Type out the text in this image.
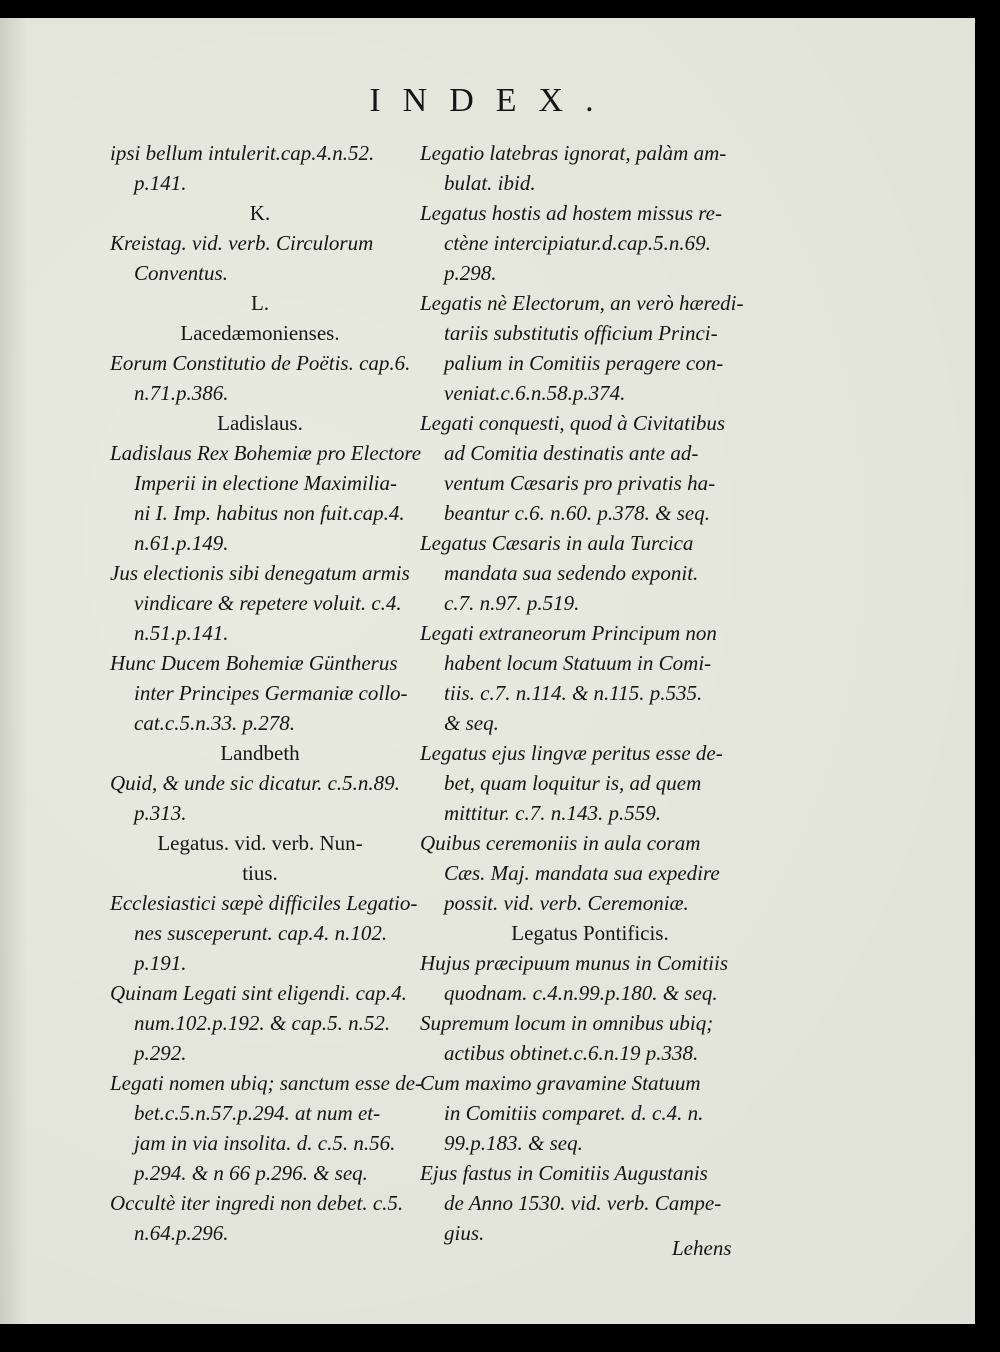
INDEX.
ipsi bellum intulerit.cap.4.n.52.
p.141.
K.
Kreistag. vid. verb. Circulorum
Conventus.
L.
Lacedæmonienses.
Eorum Constitutio de Poëtis. cap.6.
n.71.p.386.
Ladislaus.
Ladislaus Rex Bohemiæ pro Electore
Imperii in electione Maximilia-
ni I. Imp. habitus non fuit.cap.4.
n.61.p.149.
Jus electionis sibi denegatum armis
vindicare & repetere voluit. c.4.
n.51.p.141.
Hunc Ducem Bohemiæ Güntherus
inter Principes Germaniæ collo-
cat.c.5.n.33. p.278.
Landbeth
Quid, & unde sic dicatur. c.5.n.89.
p.313.
Legatus. vid. verb. Nun-
tius.
Ecclesiastici sæpè difficiles Legatio-
nes susceperunt. cap.4. n.102.
p.191.
Quinam Legati sint eligendi. cap.4.
num.102.p.192. & cap.5. n.52.
p.292.
Legati nomen ubiq; sanctum esse de-
bet.c.5.n.57.p.294. at num et-
jam in via insolita. d. c.5. n.56.
p.294. & n 66 p.296. & seq.
Occultè iter ingredi non debet. c.5.
n.64.p.296.
Legatio latebras ignorat, palàm am-
bulat. ibid.
Legatus hostis ad hostem missus re-
ctène intercipiatur.d.cap.5.n.69.
p.298.
Legatis nè Electorum, an verò hæredi-
tariis substitutis officium Princi-
palium in Comitiis peragere con-
veniat.c.6.n.58.p.374.
Legati conquesti, quod à Civitatibus
ad Comitia destinatis ante ad-
ventum Cæsaris pro privatis ha-
beantur c.6. n.60. p.378. & seq.
Legatus Cæsaris in aula Turcica
mandata sua sedendo exponit.
c.7. n.97. p.519.
Legati extraneorum Principum non
habent locum Statuum in Comi-
tiis. c.7. n.114. & n.115. p.535.
& seq.
Legatus ejus lingvæ peritus esse de-
bet, quam loquitur is, ad quem
mittitur. c.7. n.143. p.559.
Quibus ceremoniis in aula coram
Cæs. Maj. mandata sua expedire
possit. vid. verb. Ceremoniæ.
Legatus Pontificis.
Hujus præcipuum munus in Comitiis
quodnam. c.4.n.99.p.180. & seq.
Supremum locum in omnibus ubiq;
actibus obtinet.c.6.n.19 p.338.
Cum maximo gravamine Statuum
in Comitiis comparet. d. c.4. n.
99.p.183. & seq.
Ejus fastus in Comitiis Augustanis
de Anno 1530. vid. verb. Campe-
gius.
Lehens
